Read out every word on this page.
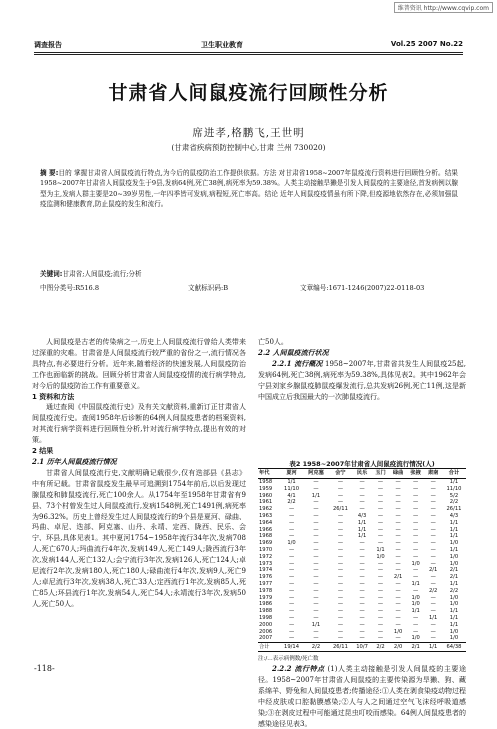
维普资讯 http://www.cqvip.com
调查报告	卫生职业教育	Vol.25 2007 No.22
甘肃省人间鼠疫流行回顾性分析
席进孝,格鹏飞,王世明
(甘肃省疾病预防控制中心,甘肃 兰州 730020)
摘 要:目的 掌握甘肃省人间鼠疫流行特点,为今后的鼠疫防治工作提供依据。方法 对甘肃省1958~2007年鼠疫流行资料进行回顾性分析。结果 1958~2007年甘肃省人间鼠疫发生于9县,发病64例,死亡38例,病死率为59.38%。人类主动接触旱獭是引发人间鼠疫的主要途径,首发病例以腺型为主,发病人群主要是20~39岁男性,一年四季皆可发病,病程短,死亡率高。结论 近年人间鼠疫疫情虽有所下降,但疫源地依然存在,必须加强鼠疫监测和健康教育,防止鼠疫的发生和流行。
关键词:甘肃省;人间鼠疫;流行;分析
中图分类号:R516.8	文献标识码:B	文章编号:1671-1246(2007)22-0118-03

人间鼠疫是古老的传染病之一,历史上人间鼠疫流行曾给人类带来过深重的灾难。甘肃省是人间鼠疫流行较严重的省份之一,流行情况各具特点,有必要进行分析。近年来,随着经济的快速发展,人间鼠疫防治工作也面临新的挑战。回顾分析甘肃省人间鼠疫疫情的流行病学特点,对今后的鼠疫防治工作有重要意义。

1 资料和方法

通过查阅《中国鼠疫流行史》及有关文献资料,重新订正甘肃省人间鼠疫流行史。查阅1958年后诊断的64例人间鼠疫患者的档案资料,对其流行病学资料进行回顾性分析,针对流行病学特点,提出有效的对策。

2 结果

2.1 历年人间鼠疫流行情况

甘肃省人间鼠疫流行史,文献明确记载很少,仅有迭部县《县志》中有所记载。甘肃省鼠疫发生最早可追溯到1754年前后,以后发现过腺鼠疫和肺鼠疫流行,死亡100余人。从1754年至1958年甘肃省有9县、73个村曾发生过人间鼠疫流行,发病1548例,死亡1491例,病死率为96.32%。历史上曾经发生过人间鼠疫流行的9个县是夏河、碌曲、玛曲、卓尼、迭部、阿克塞、山丹、永靖、定西、陇西、民乐、会宁、环县,具体见表1。其中夏河1754~1958年流行34年次,发病708人,死亡670人;玛曲流行4年次,发病149人,死亡149人;陇西流行3年次,发病144人,死亡132人;会宁流行3年次,发病126人,死亡124人;卓尼流行2年次,发病180人,死亡180人;碌曲流行4年次,发病9人,死亡9人;卓尼流行3年次,发病38人,死亡33人;定西流行1年次,发病85人,死亡85人;环县流行1年次,发病54人,死亡54人;永靖流行3年次,发病50人,死亡50人。

亡50人。

2.2 人间鼠疫流行状况

2.2.1 流行概况 1958~2007年,甘肃省共发生人间鼠疫25起,发病64例,死亡38例,病死率为59.38%,具体见表2。其中1962年会宁县刘家乡腺鼠疫肺鼠疫爆发流行,总共发病26例,死亡11例,这是新中国成立后我国最大的一次肺鼠疫流行。

表2 1958~2007年甘肃省人间鼠疫流行情况(人)
年代	夏河	阿克塞	会宁	民乐	玉门	碌曲	张掖	肃南	合计
1958	1/1	—	—	—	—	—	—	—	1/1
1959	11/10	—	—	—	—	—	—	—	11/10
1960	4/1	1/1	—	—	—	—	—	—	5/2
1961	2/2	—	—	—	—	—	—	—	2/2
1962	—	—	26/11	—	—	—	—	—	26/11
1963	—	—	—	4/3	—	—	—	—	4/3
1964	—	—	—	1/1	—	—	—	—	1/1
1966	—	—	—	1/1	—	—	—	—	1/1
1968	—	—	—	1/1	—	—	—	—	1/1
1969	1/0	—	—	—	—	—	—	—	1/0
1970	—	—	—	—	1/1	—	—	—	1/1
1972	—	—	—	—	1/0	—	—	—	1/0
1973	—	—	—	—	—	—	1/0	—	1/0
1974	—	—	—	—	—	—	—	2/1	2/1
1976	—	—	—	—	—	2/1	—	—	2/1
1977	—	—	—	—	—	—	1/1	—	1/1
1978	—	—	—	—	—	—	—	2/2	2/2
1979	—	—	—	—	—	—	1/0	—	1/0
1986	—	—	—	—	—	—	1/0	—	1/0
1988	—	—	—	—	—	—	1/1	—	1/1
1998	—	—	—	—	—	—	—	1/1	1/1
2000	—	1/1	—	—	—	—	—	—	1/1
2006	—	—	—	—	—	1/0	—	—	1/0
2007	—	—	—	—	—	—	1/0	—	1/0
合计	19/14	2/2	26/11	10/7	2/2	2/0	2/1	1/1	64/38
注:/…表示病例数/死亡数

2.2.2 流行特点 (1)人类主动接触是引发人间鼠疫的主要途径。1958~2007年甘肃省人间鼠疫的主要传染源为旱獭、狗、藏系绵羊、野兔和人间鼠疫患者;传播途径:①人类在剥食染疫动物过程中经皮肤或口腔黏膜感染;②人与人之间通过空气飞沫经呼吸道感染;③在剥皮过程中可能通过昆虫叮咬而感染。64例人间鼠疫患者的感染途径见表3。

-118-
